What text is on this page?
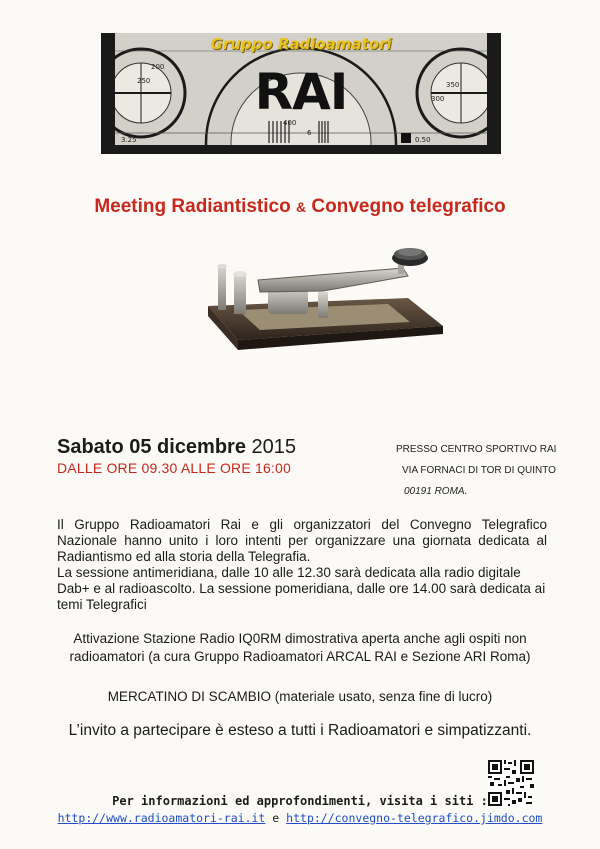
Gruppo Radioamatori
RAI
200
250
300
350
400
6
3.25	0.50
Meeting Radiantistico & Convegno telegrafico
Sabato 05 dicembre 2015
DALLE ORE 09.30 ALLE ORE 16:00
PRESSO CENTRO SPORTIVO RAI
VIA FORNACI DI TOR DI QUINTO
00191 ROMA.
Il Gruppo Radioamatori Rai e gli organizzatori del Convegno Telegrafico Nazionale hanno unito i loro intenti per organizzare una giornata dedicata al Radiantismo ed alla storia della Telegrafia.
La sessione antimeridiana, dalle 10 alle 12.30 sarà dedicata alla radio digitale Dab+ e al radioascolto. La sessione pomeridiana, dalle ore 14.00 sarà dedicata ai temi Telegrafici
Attivazione Stazione Radio IQ0RM dimostrativa aperta anche agli ospiti non
radioamatori (a cura Gruppo Radioamatori ARCAL RAI e Sezione ARI Roma)
MERCATINO DI SCAMBIO (materiale usato, senza fine di lucro)
L’invito a partecipare è esteso a tutti i Radioamatori e simpatizzanti.
Per informazioni ed approfondimenti, visita i siti :
http://www.radioamatori-rai.it e http://convegno-telegrafico.jimdo.com
